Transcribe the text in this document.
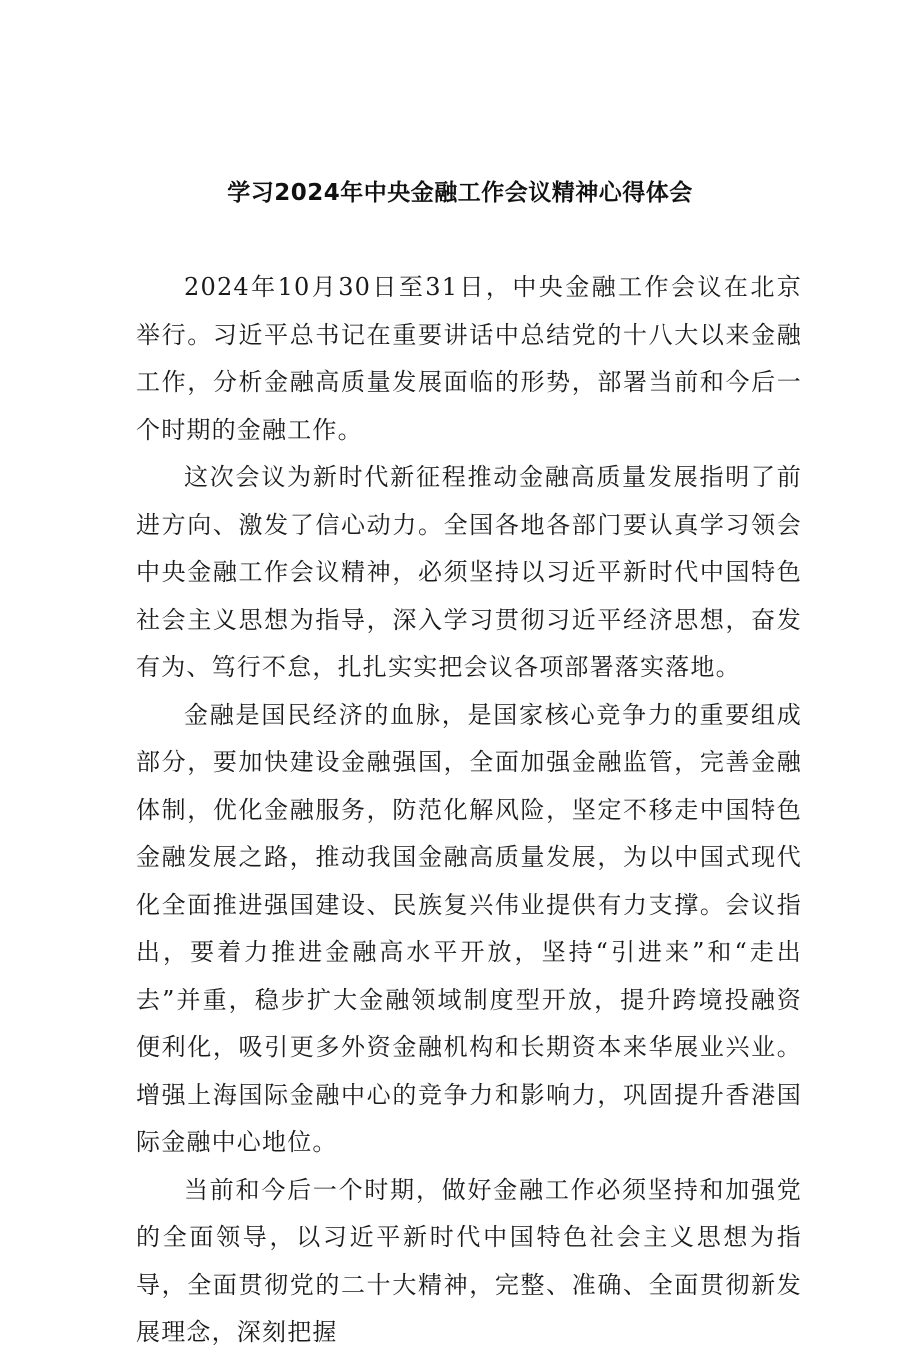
学习2024年中央金融工作会议精神心得体会

2024年10月30日至31日，中央金融工作会议在北京举行。习近平总书记在重要讲话中总结党的十八大以来金融工作，分析金融高质量发展面临的形势，部署当前和今后一个时期的金融工作。

这次会议为新时代新征程推动金融高质量发展指明了前进方向、激发了信心动力。全国各地各部门要认真学习领会中央金融工作会议精神，必须坚持以习近平新时代中国特色社会主义思想为指导，深入学习贯彻习近平经济思想，奋发有为、笃行不怠，扎扎实实把会议各项部署落实落地。

金融是国民经济的血脉，是国家核心竞争力的重要组成部分，要加快建设金融强国，全面加强金融监管，完善金融体制，优化金融服务，防范化解风险，坚定不移走中国特色金融发展之路，推动我国金融高质量发展，为以中国式现代化全面推进强国建设、民族复兴伟业提供有力支撑。会议指出，要着力推进金融高水平开放，坚持“引进来”和“走出去”并重，稳步扩大金融领域制度型开放，提升跨境投融资便利化，吸引更多外资金融机构和长期资本来华展业兴业。增强上海国际金融中心的竞争力和影响力，巩固提升香港国际金融中心地位。

当前和今后一个时期，做好金融工作必须坚持和加强党的全面领导，以习近平新时代中国特色社会主义思想为指导，全面贯彻党的二十大精神，完整、准确、全面贯彻新发展理念，深刻把握
